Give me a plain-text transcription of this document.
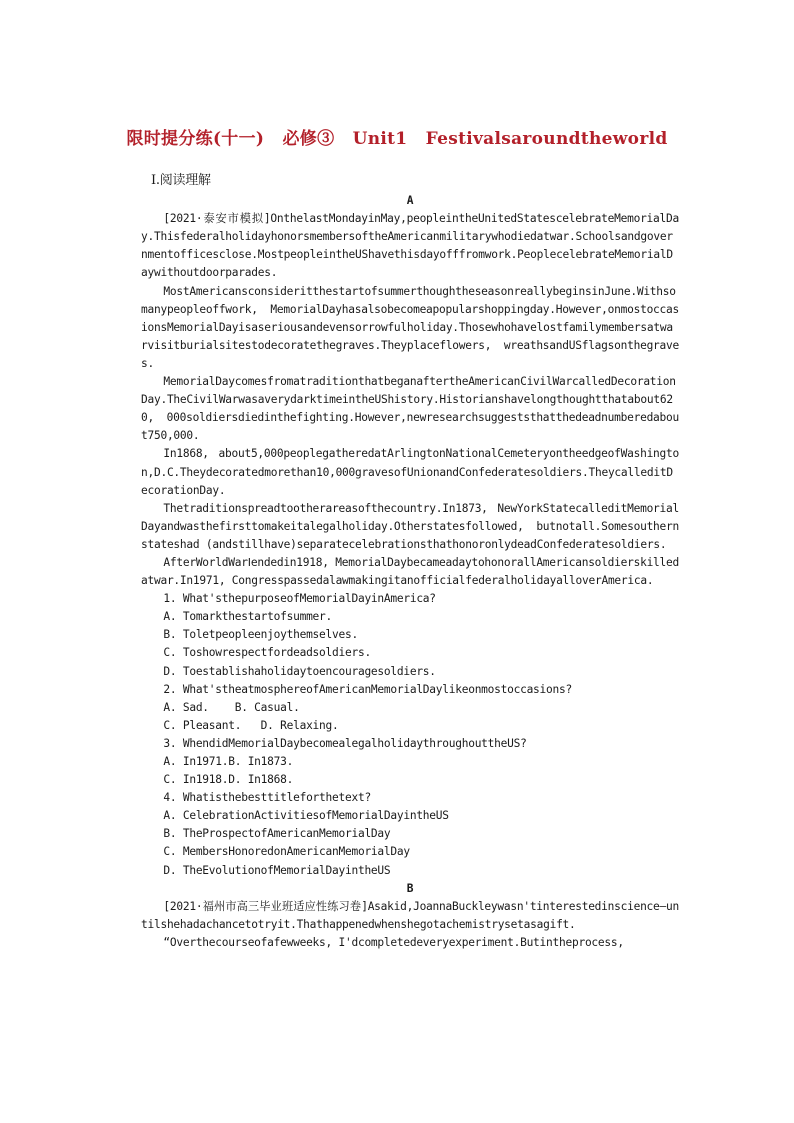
限时提分练(十一) 必修③ Unit1 Festivalsaroundtheworld
Ⅰ.阅读理解
A
[2021·泰安市模拟]OnthelastMondayinMay,peopleintheUnitedStatescelebrateMemorialDay.ThisfederalholidayhonorsmembersoftheAmericanmilitarywhodiedatwar.Schoolsandgovernmentofficesclose.MostpeopleintheUShavethisdayofffromwork.PeoplecelebrateMemorialDaywithoutdoorparades.
MostAmericansconsideritthestartofsummerthoughtheseasonreallybeginsinJune.Withsomanypeopleoffwork, MemorialDayhasalsobecomeapopularshoppingday.However,onmostoccasionsMemorialDayisaseriousandevensorrowfulholiday.Thosewhohavelostfamilymembersatwarvisitburialsitestodecoratethegraves.Theyplaceflowers, wreathsandUSflagsonthegraves.
MemorialDaycomesfromatraditionthatbeganaftertheAmericanCivilWarcalledDecorationDay.TheCivilWarwasaverydarktimeintheUShistory.Historianshavelongthoughtthatabout620, 000soldiersdiedinthefighting.However,newresearchsuggeststhatthedeadnumberedabout750,000.
In1868, about5,000peoplegatheredatArlingtonNationalCemeteryontheedgeofWashington,D.C.Theydecoratedmorethan10,000gravesofUnionandConfederatesoldiers.TheycalleditDecorationDay.
Thetraditionspreadtootherareasofthecountry.In1873, NewYorkStatecalleditMemorialDayandwasthefirsttomakeitalegalholiday.Otherstatesfollowed, butnotall.Somesouthernstateshad (andstillhave)separatecelebrationsthathonoronlydeadConfederatesoldiers.
AfterWorldWarⅠendedin1918, MemorialDaybecameadaytohonorallAmericansoldierskilledatwar.In1971, CongresspassedalawmakingitanofficialfederalholidayalloverAmerica.
1. What'sthepurposeofMemorialDayinAmerica?
A. Tomarkthestartofsummer.
B. Toletpeopleenjoythemselves.
C. Toshowrespectfordeadsoldiers.
D. Toestablishaholidaytoencouragesoldiers.
2. What'stheatmosphereofAmericanMemorialDaylikeonmostoccasions?
A. Sad.    B. Casual.
C. Pleasant.   D. Relaxing.
3. WhendidMemorialDaybecomealegalholidaythroughouttheUS?
A. In1971.B. In1873.
C. In1918.D. In1868.
4. Whatisthebesttitleforthetext?
A. CelebrationActivitiesofMemorialDayintheUS
B. TheProspectofAmericanMemorialDay
C. MembersHonoredonAmericanMemorialDay
D. TheEvolutionofMemorialDayintheUS
B
[2021·福州市高三毕业班适应性练习卷]Asakid,JoannaBuckleywasn'tinterestedinscience—untilshehadachancetotryit.Thathappenedwhenshegotachemistrysetasagift.
“Overthecourseofafewweeks, I'dcompletedeveryexperiment.Butintheprocess,
